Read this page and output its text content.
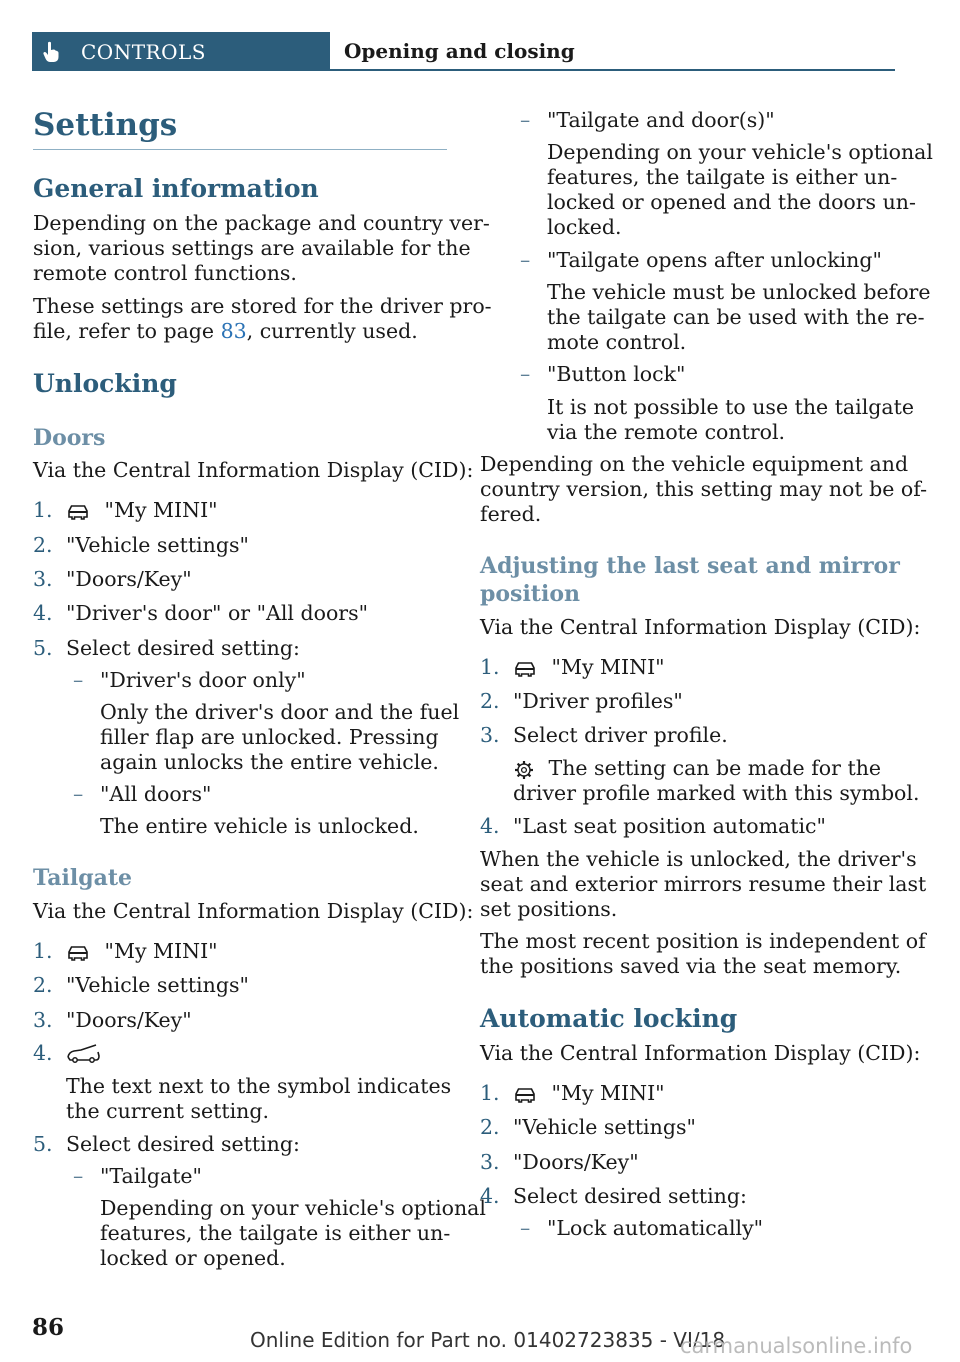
CONTROLS	Opening and closing
Settings
General information
Depending on the package and country ver-
sion, various settings are available for the
remote control functions.
These settings are stored for the driver pro-
file, refer to page 83, currently used.
Unlocking
Doors
Via the Central Information Display (CID):
1.	"My MINI"
2. "Vehicle settings"
3. "Doors/Key"
4. "Driver's door" or "All doors"
5. Select desired setting:
– "Driver's door only"
Only the driver's door and the fuel
filler flap are unlocked. Pressing
again unlocks the entire vehicle.
– "All doors"
The entire vehicle is unlocked.
Tailgate
Via the Central Information Display (CID):
1.	"My MINI"
2. "Vehicle settings"
3. "Doors/Key"
4.
The text next to the symbol indicates
the current setting.
5. Select desired setting:
– "Tailgate"
Depending on your vehicle's optional
features, the tailgate is either un-
locked or opened.
– "Tailgate and door(s)"
Depending on your vehicle's optional
features, the tailgate is either un-
locked or opened and the doors un-
locked.
– "Tailgate opens after unlocking"
The vehicle must be unlocked before
the tailgate can be used with the re-
mote control.
– "Button lock"
It is not possible to use the tailgate
via the remote control.
Depending on the vehicle equipment and
country version, this setting may not be of-
fered.
Adjusting the last seat and mirror
position
Via the Central Information Display (CID):
1.	"My MINI"
2. "Driver profiles"
3. Select driver profile.
The setting can be made for the
driver profile marked with this symbol.
4. "Last seat position automatic"
When the vehicle is unlocked, the driver's
seat and exterior mirrors resume their last
set positions.
The most recent position is independent of
the positions saved via the seat memory.
Automatic locking
Via the Central Information Display (CID):
1.	"My MINI"
2. "Vehicle settings"
3. "Doors/Key"
4. Select desired setting:
– "Lock automatically"
86	Online Edition for Part no. 01402723835 - VI/18
carmanualsonline.info
